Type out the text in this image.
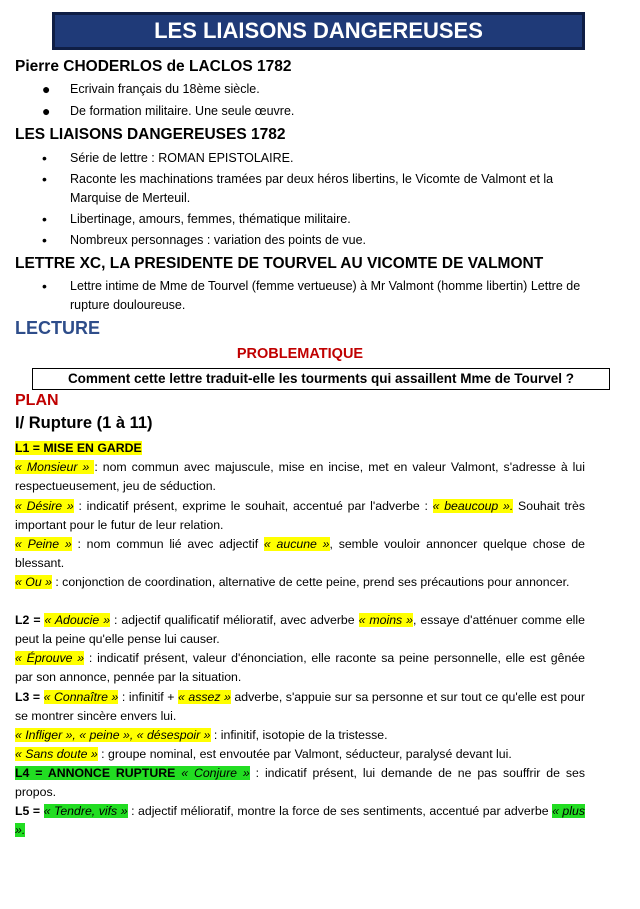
LES LIAISONS DANGEREUSES
Pierre CHODERLOS de LACLOS 1782
● Ecrivain français du 18ème siècle.
● De formation militaire. Une seule œuvre.
LES LIAISONS DANGEREUSES 1782
• Série de lettre : ROMAN EPISTOLAIRE.
• Raconte les machinations tramées par deux héros libertins, le Vicomte de Valmont et la Marquise de Merteuil.
• Libertinage, amours, femmes, thématique militaire.
• Nombreux personnages : variation des points de vue.
LETTRE XC, LA PRESIDENTE DE TOURVEL AU VICOMTE DE VALMONT
• Lettre intime de Mme de Tourvel (femme vertueuse) à Mr Valmont (homme libertin) Lettre de rupture douloureuse.
LECTURE
PROBLEMATIQUE
Comment cette lettre traduit-elle les tourments qui assaillent Mme de Tourvel ?
PLAN
I/ Rupture (1 à 11)
L1 = MISE EN GARDE
« Monsieur » : nom commun avec majuscule, mise en incise, met en valeur Valmont, s'adresse à lui respectueusement, jeu de séduction.
« Désire » : indicatif présent, exprime le souhait, accentué par l'adverbe : « beaucoup ». Souhait très important pour le futur de leur relation.
« Peine » : nom commun lié avec adjectif « aucune », semble vouloir annoncer quelque chose de blessant.
« Ou » : conjonction de coordination, alternative de cette peine, prend ses précautions pour annoncer.
L2 = « Adoucie » : adjectif qualificatif mélioratif, avec adverbe « moins », essaye d'atténuer comme elle peut la peine qu'elle pense lui causer.
« Éprouve » : indicatif présent, valeur d'énonciation, elle raconte sa peine personnelle, elle est gênée par son annonce, pennée par la situation.
L3 = « Connaître » : infinitif + « assez » adverbe, s'appuie sur sa personne et sur tout ce qu'elle est pour se montrer sincère envers lui.
« Infliger », « peine », « désespoir » : infinitif, isotopie de la tristesse.
« Sans doute » : groupe nominal, est envoutée par Valmont, séducteur, paralysé devant lui.
L4 = ANNONCE RUPTURE « Conjure » : indicatif présent, lui demande de ne pas souffrir de ses propos.
L5 = « Tendre, vifs » : adjectif mélioratif, montre la force de ses sentiments, accentué par adverbe « plus ».
